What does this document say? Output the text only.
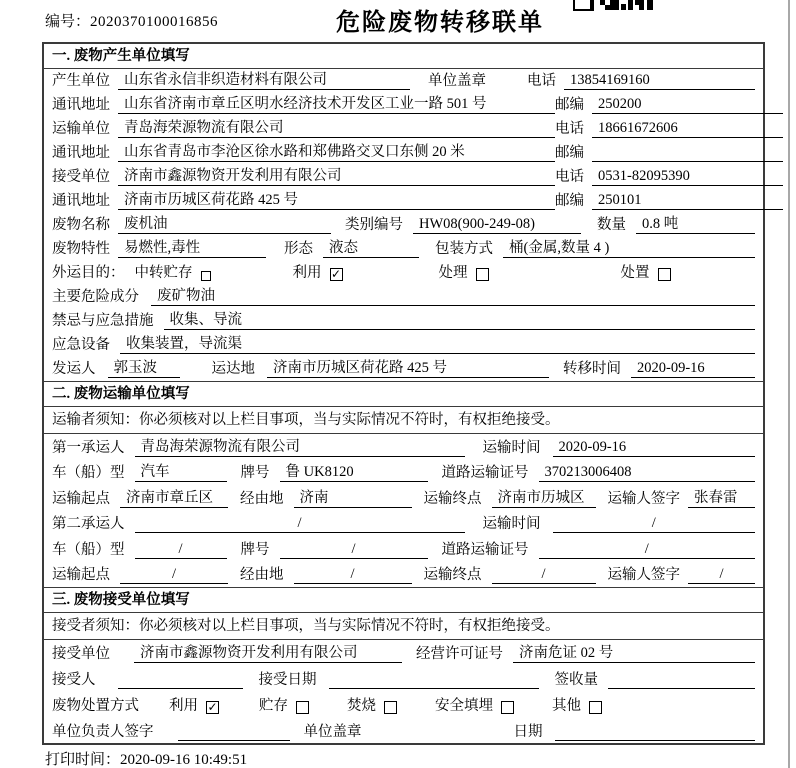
编号：2020370100016856	危险废物转移联单
一. 废物产生单位填写
产生单位 山东省永信非织造材料有限公司	单位盖章	电话 13854169160
通讯地址 山东省济南市章丘区明水经济技术开发区工业一路 501 号	邮编 250200
运输单位 青岛海荣源物流有限公司	电话 18661672606
通讯地址 山东省青岛市李沧区徐水路和郑佛路交叉口东侧 20 米	邮编
接受单位 济南市鑫源物资开发利用有限公司	电话 0531-82095390
通讯地址 济南市历城区荷花路 425 号	邮编 250101
废物名称 废机油	类别编号	HW08(900-249-08)	数量	0.8 吨
废物特性 易燃性,毒性	形态	液态	包装方式	桶(金属,数量 4 )
外运目的： 中转贮存	利用 ✓	处理	处置
主要危险成分	废矿物油
禁忌与应急措施	收集、导流
应急设备	收集装置，导流渠
发运人	郭玉波	运达地	济南市历城区荷花路 425 号	转移时间	2020-09-16
二. 废物运输单位填写
运输者须知：你必须核对以上栏目事项，当与实际情况不符时，有权拒绝接受。
第一承运人	青岛海荣源物流有限公司	运输时间	2020-09-16
车（船）型	汽车	牌号	鲁 UK8120	道路运输证号	370213006408
运输起点	济南市章丘区	经由地	济南	运输终点	济南市历城区	运输人签字 张春雷
第二承运人	/	运输时间	/
车（船）型	/	牌号	/	道路运输证号	/
运输起点	/	经由地	/	运输终点	/	运输人签字	/
三. 废物接受单位填写
接受者须知：你必须核对以上栏目事项，当与实际情况不符时，有权拒绝接受。
接受单位	济南市鑫源物资开发利用有限公司	经营许可证号	济南危证 02 号
接受人	接受日期	签收量
废物处置方式 利用 ✓	贮存	焚烧	安全填埋	其他
单位负责人签字	单位盖章	日期
打印时间：2020-09-16 10:49:51
